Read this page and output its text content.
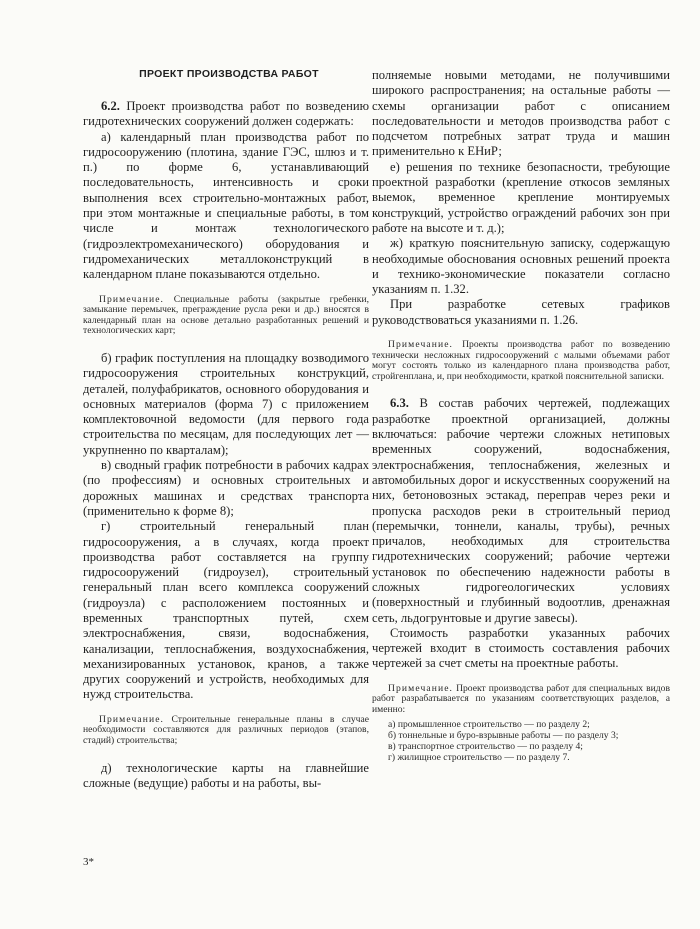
ПРОЕКТ ПРОИЗВОДСТВА РАБОТ

6.2. Проект производства работ по возведению гидротехнических сооружений должен содержать:

а) календарный план производства работ по гидросооружению (плотина, здание ГЭС, шлюз и т. п.) по форме 6, устанавливающий последовательность, интенсивность и сроки выполнения всех строительно-монтажных работ, при этом монтажные и специальные работы, в том числе и монтаж технологического (гидроэлектромеханического) оборудования и гидромеханических металлоконструкций в календарном плане показываются отдельно.

Примечание. Специальные работы (закрытые гребенки, замыкание перемычек, преграждение русла реки и др.) вносятся в календарный план на основе детально разработанных решений и технологических карт;

б) график поступления на площадку возводимого гидросооружения строительных конструкций, деталей, полуфабрикатов, основного оборудования и основных материалов (форма 7) с приложением комплектовочной ведомости (для первого года строительства по месяцам, для последующих лет — укрупненно по кварталам);

в) сводный график потребности в рабочих кадрах (по профессиям) и основных строительных и дорожных машинах и средствах транспорта (применительно к форме 8);

г) строительный генеральный план гидросооружения, а в случаях, когда проект производства работ составляется на группу гидросооружений (гидроузел), строительный генеральный план всего комплекса сооружений (гидроузла) с расположением постоянных и временных транспортных путей, схем электроснабжения, связи, водоснабжения, канализации, теплоснабжения, воздухоснабжения, механизированных установок, кранов, а также других сооружений и устройств, необходимых для нужд строительства.

Примечание. Строительные генеральные планы в случае необходимости составляются для различных периодов (этапов, стадий) строительства;

д) технологические карты на главнейшие сложные (ведущие) работы и на работы, вы-

полняемые новыми методами, не получившими широкого распространения; на остальные работы — схемы организации работ с описанием последовательности и методов производства работ с подсчетом потребных затрат труда и машин применительно к ЕНиР;

е) решения по технике безопасности, требующие проектной разработки (крепление откосов земляных выемок, временное крепление монтируемых конструкций, устройство ограждений рабочих зон при работе на высоте и т. д.);

ж) краткую пояснительную записку, содержащую необходимые обоснования основных решений проекта и технико-экономические показатели согласно указаниям п. 1.32.

При разработке сетевых графиков руководствоваться указаниями п. 1.26.

Примечание. Проекты производства работ по возведению технически несложных гидросооружений с малыми объемами работ могут состоять только из календарного плана производства работ, стройгенплана, и, при необходимости, краткой пояснительной записки.

6.3. В состав рабочих чертежей, подлежащих разработке проектной организацией, должны включаться: рабочие чертежи сложных нетиповых временных сооружений, водоснабжения, электроснабжения, теплоснабжения, железных и автомобильных дорог и искусственных сооружений на них, бетоновозных эстакад, переправ через реки и пропуска расходов реки в строительный период (перемычки, тоннели, каналы, трубы), речных причалов, необходимых для строительства гидротехнических сооружений; рабочие чертежи установок по обеспечению надежности работы в сложных гидрогеологических условиях (поверхностный и глубинный водоотлив, дренажная сеть, льдогрунтовые и другие завесы).

Стоимость разработки указанных рабочих чертежей входит в стоимость составления рабочих чертежей за счет сметы на проектные работы.

Примечание. Проект производства работ для специальных видов работ разрабатывается по указаниям соответствующих разделов, а именно:

а) промышленное строительство — по разделу 2;

б) тоннельные и буро-взрывные работы — по разделу 3;

в) транспортное строительство — по разделу 4;

г) жилищное строительство — по разделу 7.

3*
